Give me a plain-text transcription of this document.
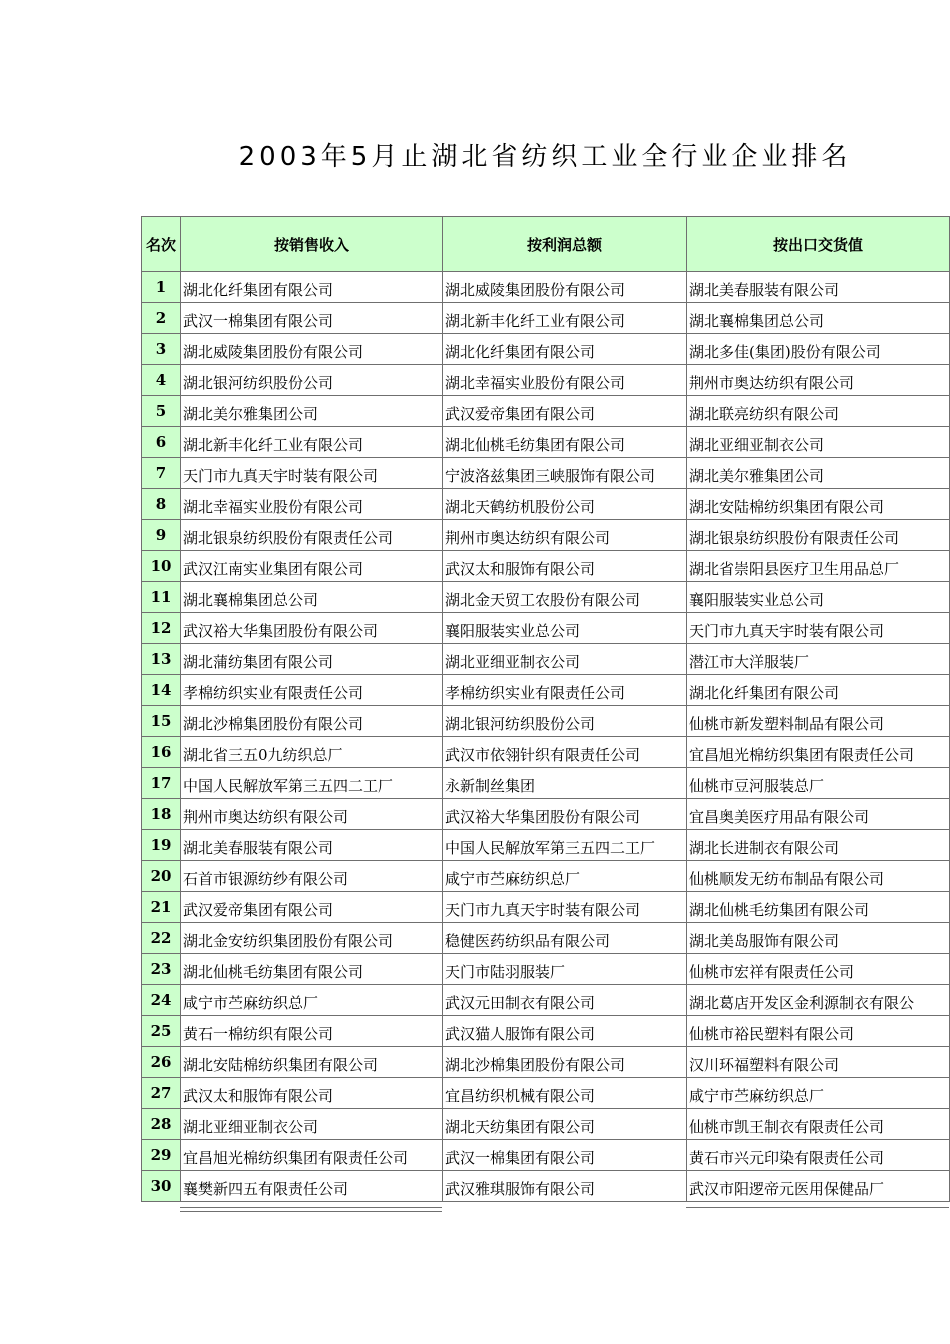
2003年5月止湖北省纺织工业全行业企业排名
名次	按销售收入	按利润总额	按出口交货值
1	湖北化纤集团有限公司	湖北威陵集团股份有限公司	湖北美春服装有限公司
2	武汉一棉集团有限公司	湖北新丰化纤工业有限公司	湖北襄棉集团总公司
3	湖北威陵集团股份有限公司	湖北化纤集团有限公司	湖北多佳(集团)股份有限公司
4	湖北银河纺织股份公司	湖北幸福实业股份有限公司	荆州市奥达纺织有限公司
5	湖北美尔雅集团公司	武汉爱帝集团有限公司	湖北联亮纺织有限公司
6	湖北新丰化纤工业有限公司	湖北仙桃毛纺集团有限公司	湖北亚细亚制衣公司
7	天门市九真天宇时装有限公司	宁波洛兹集团三峡服饰有限公司	湖北美尔雅集团公司
8	湖北幸福实业股份有限公司	湖北天鹤纺机股份公司	湖北安陆棉纺织集团有限公司
9	湖北银泉纺织股份有限责任公司	荆州市奥达纺织有限公司	湖北银泉纺织股份有限责任公司
10	武汉江南实业集团有限公司	武汉太和服饰有限公司	湖北省崇阳县医疗卫生用品总厂
11	湖北襄棉集团总公司	湖北金天贸工农股份有限公司	襄阳服装实业总公司
12	武汉裕大华集团股份有限公司	襄阳服装实业总公司	天门市九真天宇时装有限公司
13	湖北蒲纺集团有限公司	湖北亚细亚制衣公司	潜江市大洋服装厂
14	孝棉纺织实业有限责任公司	孝棉纺织实业有限责任公司	湖北化纤集团有限公司
15	湖北沙棉集团股份有限公司	湖北银河纺织股份公司	仙桃市新发塑料制品有限公司
16	湖北省三五0九纺织总厂	武汉市依翎针织有限责任公司	宜昌旭光棉纺织集团有限责任公司
17	中国人民解放军第三五四二工厂	永新制丝集团	仙桃市豆河服装总厂
18	荆州市奥达纺织有限公司	武汉裕大华集团股份有限公司	宜昌奥美医疗用品有限公司
19	湖北美春服装有限公司	中国人民解放军第三五四二工厂	湖北长进制衣有限公司
20	石首市银源纺纱有限公司	咸宁市苎麻纺织总厂	仙桃顺发无纺布制品有限公司
21	武汉爱帝集团有限公司	天门市九真天宇时装有限公司	湖北仙桃毛纺集团有限公司
22	湖北金安纺织集团股份有限公司	稳健医药纺织品有限公司	湖北美岛服饰有限公司
23	湖北仙桃毛纺集团有限公司	天门市陆羽服装厂	仙桃市宏祥有限责任公司
24	咸宁市苎麻纺织总厂	武汉元田制衣有限公司	湖北葛店开发区金利源制衣有限公
25	黄石一棉纺织有限公司	武汉猫人服饰有限公司	仙桃市裕民塑料有限公司
26	湖北安陆棉纺织集团有限公司	湖北沙棉集团股份有限公司	汉川环福塑料有限公司
27	武汉太和服饰有限公司	宜昌纺织机械有限公司	咸宁市苎麻纺织总厂
28	湖北亚细亚制衣公司	湖北天纺集团有限公司	仙桃市凯王制衣有限责任公司
29	宜昌旭光棉纺织集团有限责任公司	武汉一棉集团有限公司	黄石市兴元印染有限责任公司
30	襄樊新四五有限责任公司	武汉雅琪服饰有限公司	武汉市阳逻帝元医用保健品厂
